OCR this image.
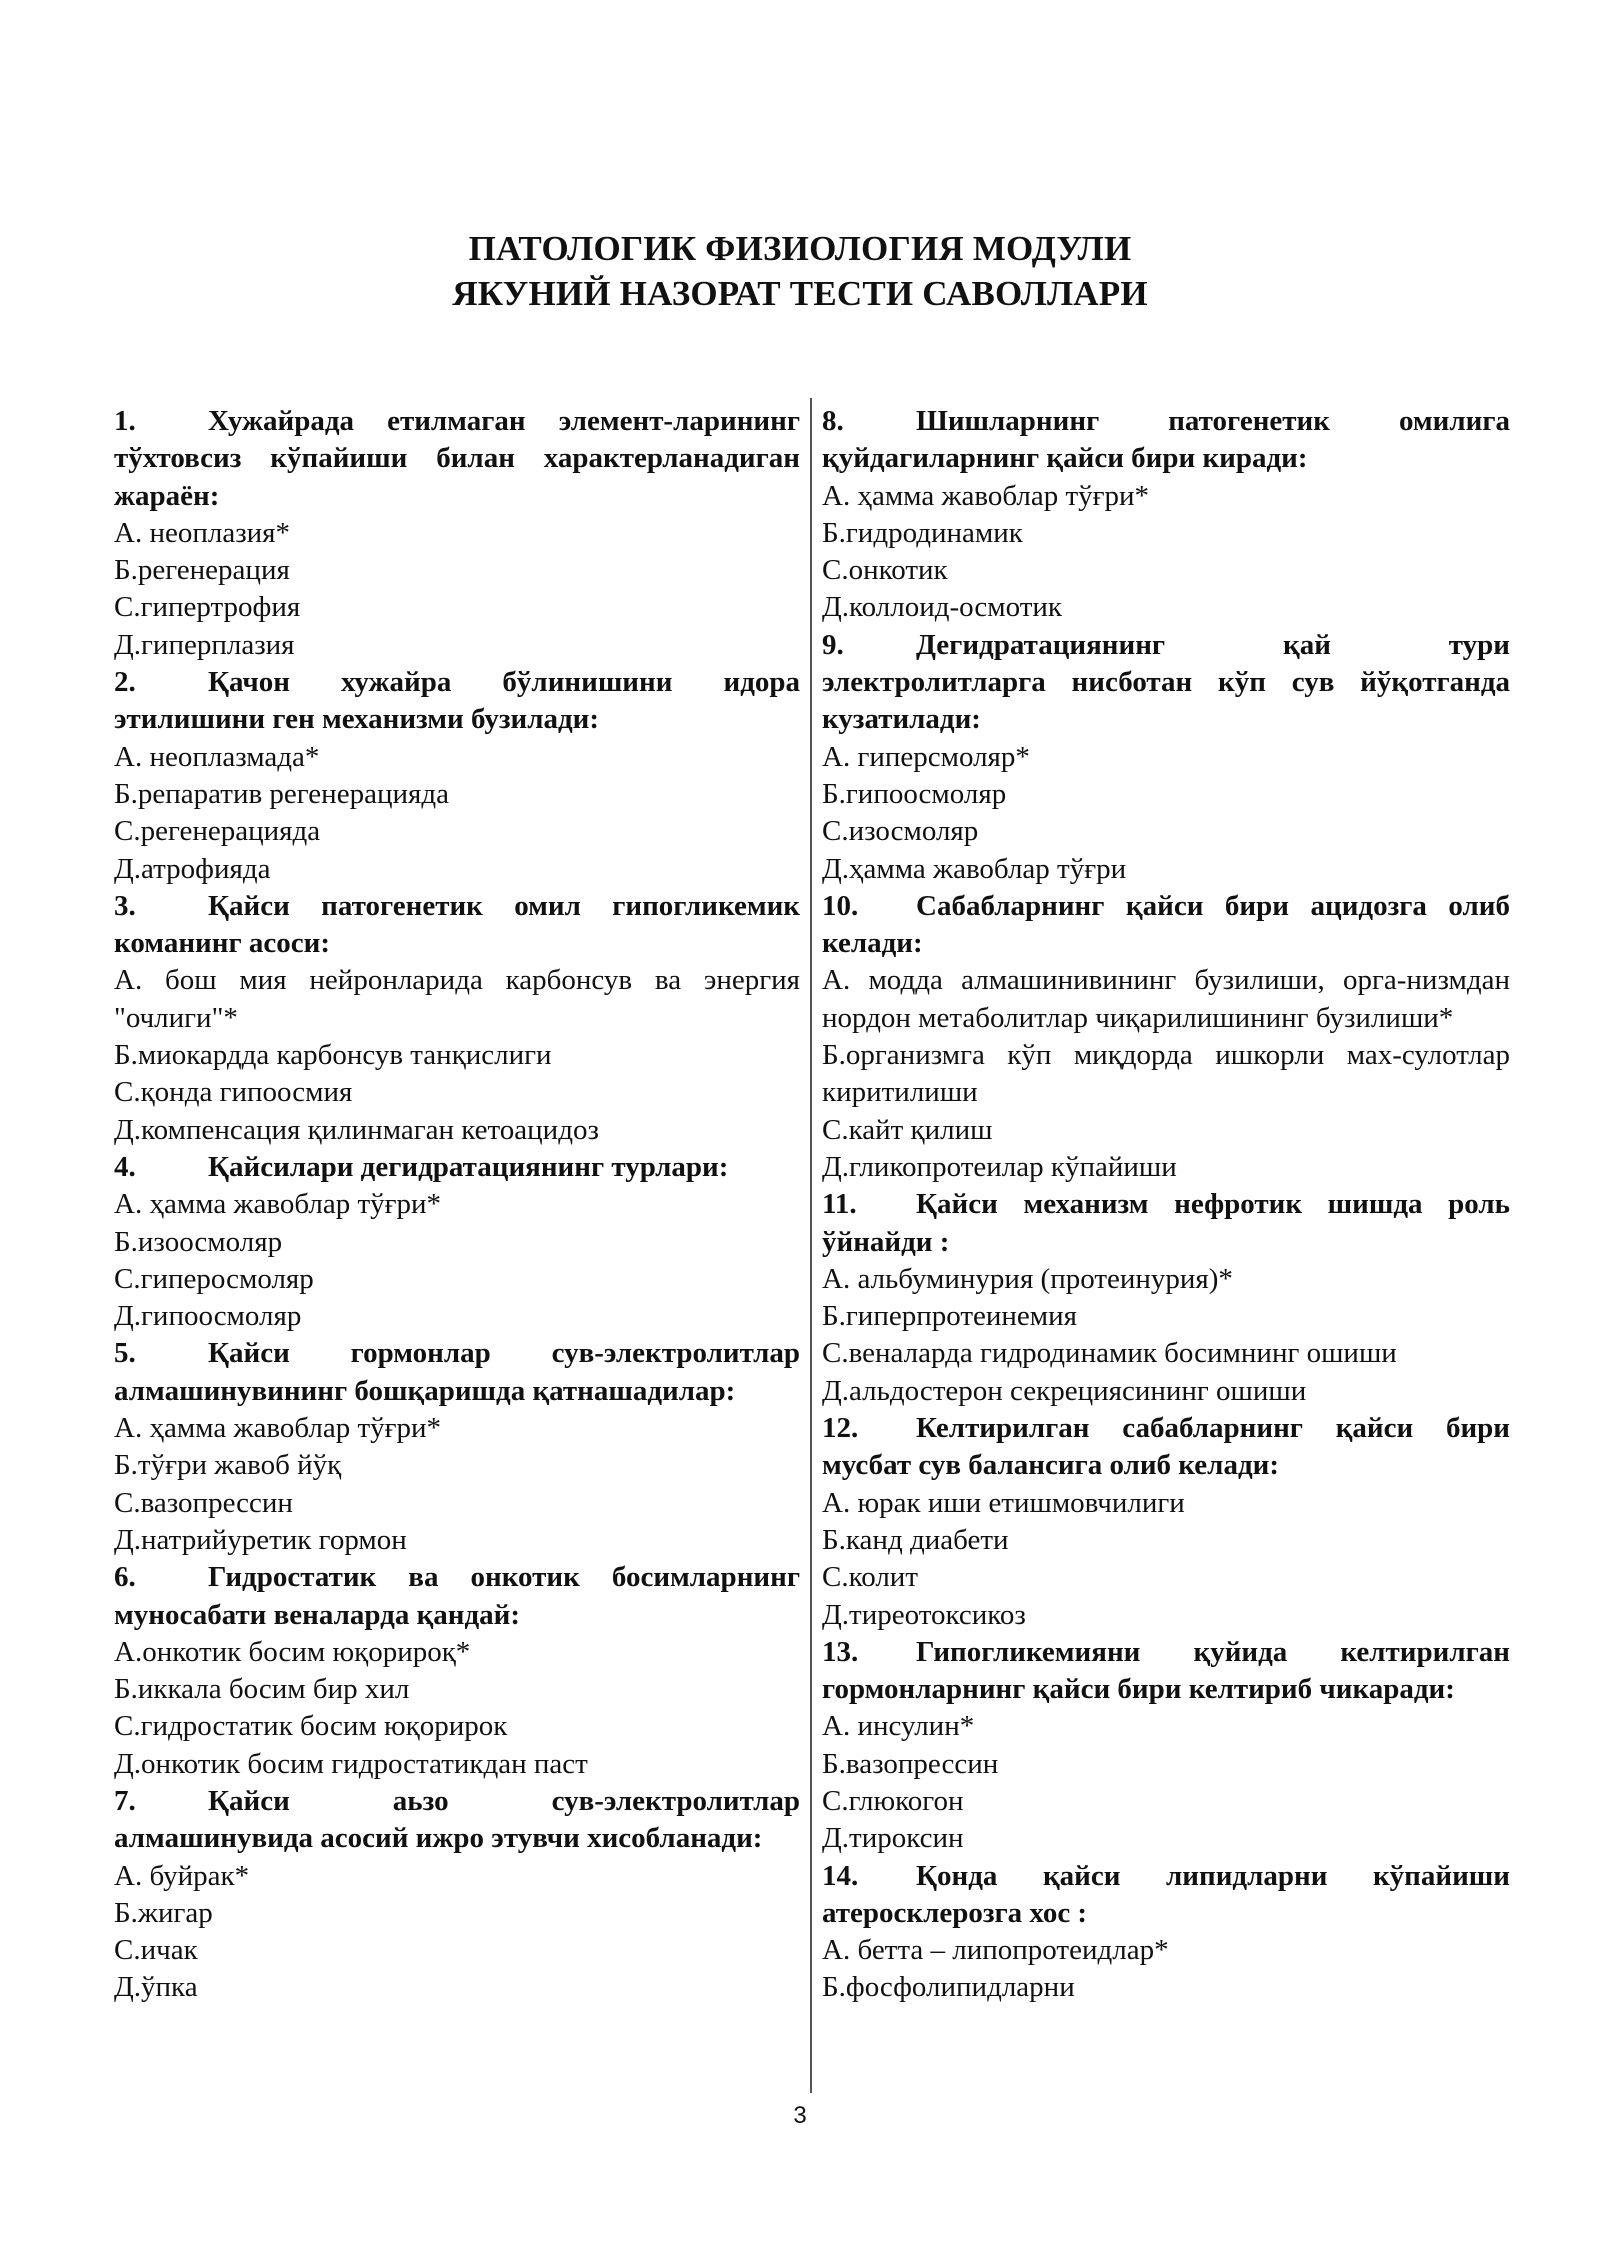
ПАТОЛОГИК ФИЗИОЛОГИЯ МОДУЛИ
ЯКУНИЙ НАЗОРАТ ТЕСТИ САВОЛЛАРИ
1. Хужайрада етилмаган элемент-ларининг тўхтовсиз кўпайиши билан характерланадиган жараён:
А. неоплазия*
Б.регенерация
С.гипертрофия
Д.гиперплазия
2. Қачон хужайра бўлинишини идора этилишини ген механизми бузилади:
А. неоплазмада*
Б.репаратив регенерацияда
С.регенерацияда
Д.атрофияда
3. Қайси патогенетик омил гипогликемик команинг асоси:
А. бош мия нейронларида карбонсув ва энергия "очлиги"*
Б.миокардда карбонсув танқислиги
С.қонда гипоосмия
Д.компенсация қилинмаган кетоацидоз
4. Қайсилари дегидратациянинг турлари:
А. ҳамма жавоблар тўғри*
Б.изоосмоляр
С.гиперосмоляр
Д.гипоосмоляр
5. Қайси гормонлар сув-электролитлар алмашинувининг бошқаришда қатнашадилар:
А. ҳамма жавоблар тўғри*
Б.тўғри жавоб йўқ
С.вазопрессин
Д.натрийуретик гормон
6. Гидростатик ва онкотик босимларнинг муносабати веналарда қандай:
А.онкотик босим юқорироқ*
Б.иккала босим бир хил
С.гидростатик босим юқорирок
Д.онкотик босим гидростатикдан паст
7. Қайси аьзо сув-электролитлар алмашинувида асосий ижро этувчи хисобланади:
А. буйрак*
Б.жигар
С.ичак
Д.ўпка
8. Шишларнинг патогенетик омилига қуйдагиларнинг қайси бири киради:
А. ҳамма жавоблар тўғри*
Б.гидродинамик
С.онкотик
Д.коллоид-осмотик
9. Дегидратациянинг қай тури электролитларга нисботан кўп сув йўқотганда кузатилади:
А. гиперсмоляр*
Б.гипоосмоляр
С.изосмоляр
Д.ҳамма жавоблар тўғри
10. Сабабларнинг қайси бири ацидозга олиб келади:
А. модда алмашинивининг бузилиши, орга-низмдан нордон метаболитлар чиқарилишининг бузилиши*
Б.организмга кўп миқдорда ишкорли мах-сулотлар киритилиши
С.кайт қилиш
Д.гликопротеилар кўпайиши
11. Қайси механизм нефротик шишда роль ўйнайди :
А. альбуминурия (протеинурия)*
Б.гиперпротеинемия
С.веналарда гидродинамик босимнинг ошиши
Д.альдостерон секрециясининг ошиши
12. Келтирилган сабабларнинг қайси бири мусбат сув балансига олиб келади:
А. юрак иши етишмовчилиги
Б.канд диабети
С.колит
Д.тиреотоксикоз
13. Гипогликемияни қуйида келтирилган гормонларнинг қайси бири келтириб чикаради:
А. инсулин*
Б.вазопрессин
С.глюкогон
Д.тироксин
14. Қонда қайси липидларни кўпайиши атеросклерозга хос :
А. бетта – липопротеидлар*
Б.фосфолипидларни
3
